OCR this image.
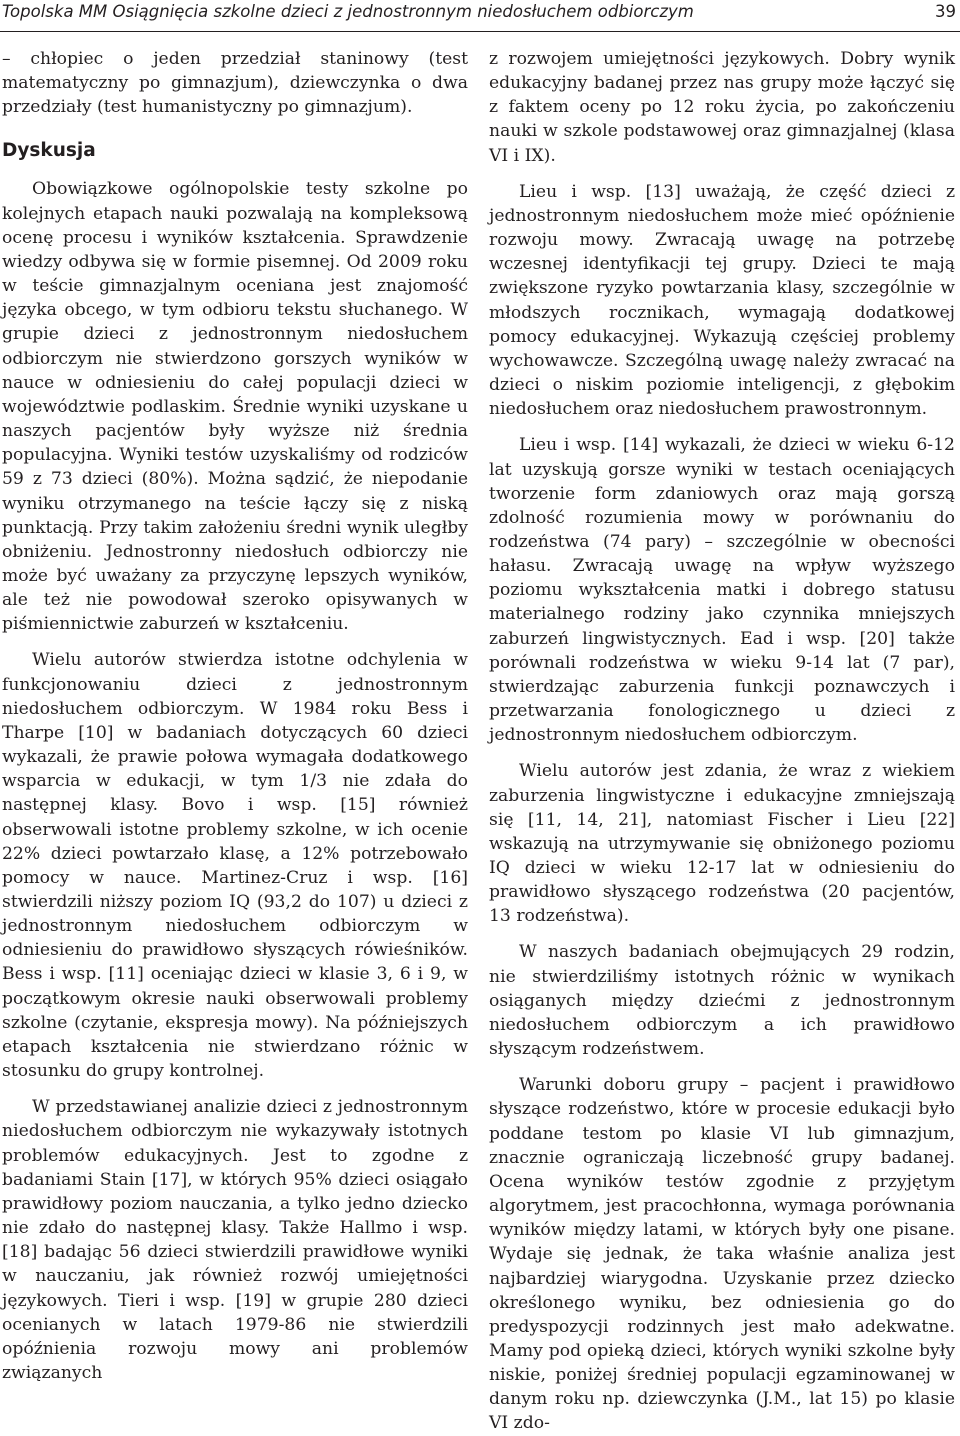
Topolska MM Osiągnięcia szkolne dzieci z jednostronnym niedosłuchem odbiorczym	39
– chłopiec o jeden przedział staninowy (test matematyczny po gimnazjum), dziewczynka o dwa przedziały (test humanistyczny po gimnazjum).
Dyskusja

Obowiązkowe ogólnopolskie testy szkolne po kolejnych etapach nauki pozwalają na kompleksową ocenę procesu i wyników kształcenia. Sprawdzenie wiedzy odbywa się w formie pisemnej. Od 2009 roku w teście gimnazjalnym oceniana jest znajomość języka obcego, w tym odbioru tekstu słuchanego. W grupie dzieci z jednostronnym niedosłuchem odbiorczym nie stwierdzono gorszych wyników w nauce w odniesieniu do całej populacji dzieci w województwie podlaskim. Średnie wyniki uzyskane u naszych pacjentów były wyższe niż średnia populacyjna. Wyniki testów uzyskaliśmy od rodziców 59 z 73 dzieci (80%). Można sądzić, że niepodanie wyniku otrzymanego na teście łączy się z niską punktacją. Przy takim założeniu średni wynik uległby obniżeniu. Jednostronny niedosłuch odbiorczy nie może być uważany za przyczynę lepszych wyników, ale też nie powodował szeroko opisywanych w piśmiennictwie zaburzeń w kształceniu.

Wielu autorów stwierdza istotne odchylenia w funkcjonowaniu dzieci z jednostronnym niedosłuchem odbiorczym. W 1984 roku Bess i Tharpe [10] w badaniach dotyczących 60 dzieci wykazali, że prawie połowa wymagała dodatkowego wsparcia w edukacji, w tym 1/3 nie zdała do następnej klasy. Bovo i wsp. [15] również obserwowali istotne problemy szkolne, w ich ocenie 22% dzieci powtarzało klasę, a 12% potrzebowało pomocy w nauce. Martinez-Cruz i wsp. [16] stwierdzili niższy poziom IQ (93,2 do 107) u dzieci z jednostronnym niedosłuchem odbiorczym w odniesieniu do prawidłowo słyszących rówieśników. Bess i wsp. [11] oceniając dzieci w klasie 3, 6 i 9, w początkowym okresie nauki obserwowali problemy szkolne (czytanie, ekspresja mowy). Na późniejszych etapach kształcenia nie stwierdzano różnic w stosunku do grupy kontrolnej.

W przedstawianej analizie dzieci z jednostronnym niedosłuchem odbiorczym nie wykazywały istotnych problemów edukacyjnych. Jest to zgodne z badaniami Stain [17], w których 95% dzieci osiągało prawidłowy poziom nauczania, a tylko jedno dziecko nie zdało do następnej klasy. Także Hallmo i wsp. [18] badając 56 dzieci stwierdzili prawidłowe wyniki w nauczaniu, jak również rozwój umiejętności językowych. Tieri i wsp. [19] w grupie 280 dzieci ocenianych w latach 1979-86 nie stwierdzili opóźnienia rozwoju mowy ani problemów związanych

z rozwojem umiejętności językowych. Dobry wynik edukacyjny badanej przez nas grupy może łączyć się z faktem oceny po 12 roku życia, po zakończeniu nauki w szkole podstawowej oraz gimnazjalnej (klasa VI i IX).

Lieu i wsp. [13] uważają, że część dzieci z jednostronnym niedosłuchem może mieć opóźnienie rozwoju mowy. Zwracają uwagę na potrzebę wczesnej identyfikacji tej grupy. Dzieci te mają zwiększone ryzyko powtarzania klasy, szczególnie w młodszych rocznikach, wymagają dodatkowej pomocy edukacyjnej. Wykazują częściej problemy wychowawcze. Szczególną uwagę należy zwracać na dzieci o niskim poziomie inteligencji, z głębokim niedosłuchem oraz niedosłuchem prawostronnym.

Lieu i wsp. [14] wykazali, że dzieci w wieku 6-12 lat uzyskują gorsze wyniki w testach oceniających tworzenie form zdaniowych oraz mają gorszą zdolność rozumienia mowy w porównaniu do rodzeństwa (74 pary) – szczególnie w obecności hałasu. Zwracają uwagę na wpływ wyższego poziomu wykształcenia matki i dobrego statusu materialnego rodziny jako czynnika mniejszych zaburzeń lingwistycznych. Ead i wsp. [20] także porównali rodzeństwa w wieku 9-14 lat (7 par), stwierdzając zaburzenia funkcji poznawczych i przetwarzania fonologicznego u dzieci z jednostronnym niedosłuchem odbiorczym.

Wielu autorów jest zdania, że wraz z wiekiem zaburzenia lingwistyczne i edukacyjne zmniejszają się [11, 14, 21], natomiast Fischer i Lieu [22] wskazują na utrzymywanie się obniżonego poziomu IQ dzieci w wieku 12-17 lat w odniesieniu do prawidłowo słyszącego rodzeństwa (20 pacjentów, 13 rodzeństwa).

W naszych badaniach obejmujących 29 rodzin, nie stwierdziliśmy istotnych różnic w wynikach osiąganych między dziećmi z jednostronnym niedosłuchem odbiorczym a ich prawidłowo słyszącym rodzeństwem.

Warunki doboru grupy – pacjent i prawidłowo słyszące rodzeństwo, które w procesie edukacji było poddane testom po klasie VI lub gimnazjum, znacznie ograniczają liczebność grupy badanej. Ocena wyników testów zgodnie z przyjętym algorytmem, jest pracochłonna, wymaga porównania wyników między latami, w których były one pisane. Wydaje się jednak, że taka właśnie analiza jest najbardziej wiarygodna. Uzyskanie przez dziecko określonego wyniku, bez odniesienia go do predyspozycji rodzinnych jest mało adekwatne. Mamy pod opieką dzieci, których wyniki szkolne były niskie, poniżej średniej populacji egzaminowanej w danym roku np. dziewczynka (J.M., lat 15) po klasie VI zdo-
